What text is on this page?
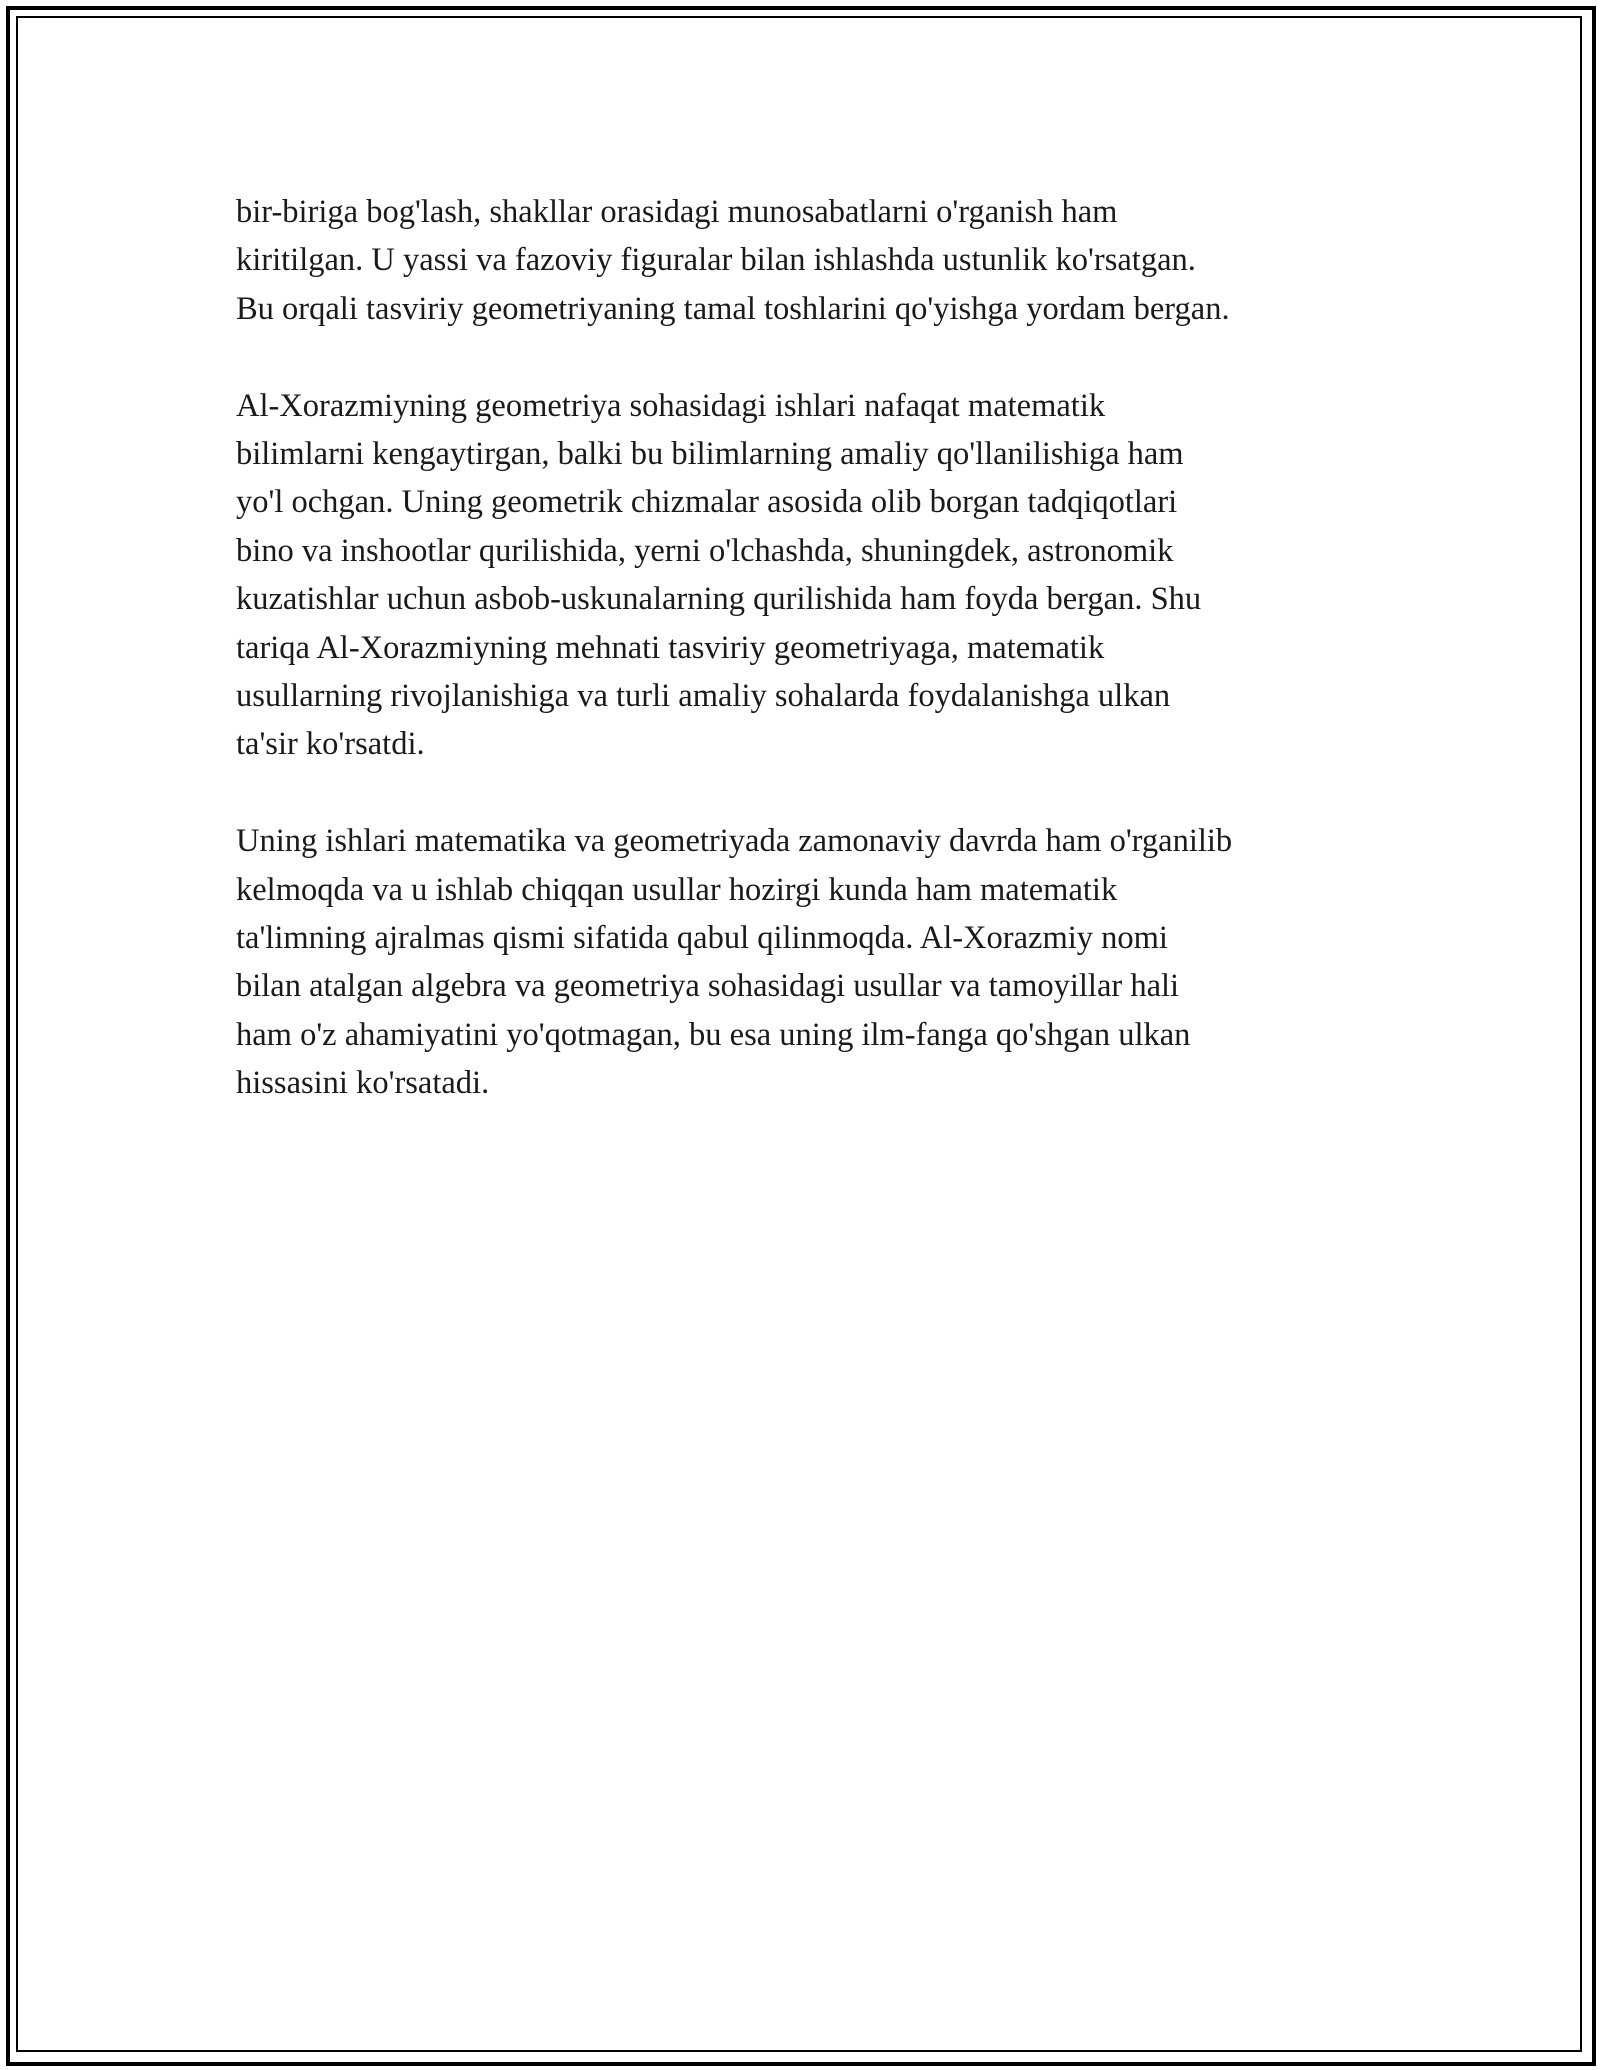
bir-biriga bog'lash, shakllar orasidagi munosabatlarni o'rganish ham
kiritilgan. U yassi va fazoviy figuralar bilan ishlashda ustunlik ko'rsatgan.
Bu orqali tasviriy geometriyaning tamal toshlarini qo'yishga yordam bergan.

Al-Xorazmiyning geometriya sohasidagi ishlari nafaqat matematik
bilimlarni kengaytirgan, balki bu bilimlarning amaliy qo'llanilishiga ham
yo'l ochgan. Uning geometrik chizmalar asosida olib borgan tadqiqotlari
bino va inshootlar qurilishida, yerni o'lchashda, shuningdek, astronomik
kuzatishlar uchun asbob-uskunalarning qurilishida ham foyda bergan. Shu
tariqa Al-Xorazmiyning mehnati tasviriy geometriyaga, matematik
usullarning rivojlanishiga va turli amaliy sohalarda foydalanishga ulkan
ta'sir ko'rsatdi.

Uning ishlari matematika va geometriyada zamonaviy davrda ham o'rganilib
kelmoqda va u ishlab chiqqan usullar hozirgi kunda ham matematik
ta'limning ajralmas qismi sifatida qabul qilinmoqda. Al-Xorazmiy nomi
bilan atalgan algebra va geometriya sohasidagi usullar va tamoyillar hali
ham o'z ahamiyatini yo'qotmagan, bu esa uning ilm-fanga qo'shgan ulkan
hissasini ko'rsatadi.
